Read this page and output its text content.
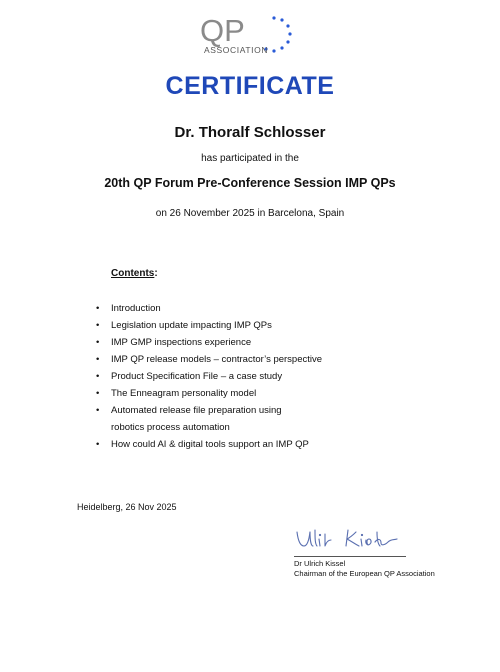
QP
ASSOCIATION
CERTIFICATE
Dr. Thoralf Schlosser
has participated in the
20th QP Forum Pre-Conference Session IMP QPs
on 26 November 2025 in Barcelona, Spain
Contents:
• Introduction
• Legislation update impacting IMP QPs
• IMP GMP inspections experience
• IMP QP release models – contractor’s perspective
• Product Specification File – a case study
• The Enneagram personality model
• Automated release file preparation using
robotics process automation
• How could AI & digital tools support an IMP QP
Heidelberg, 26 Nov 2025
Dr Ulrich Kissel
Chairman of the European QP Association
